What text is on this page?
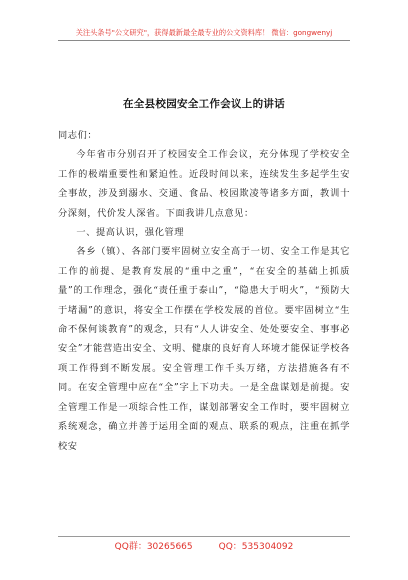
关注头条号"公文研究"，获得最新最全最专业的公文资料库！ 微信：gongwenyj
在全县校园安全工作会议上的讲话

同志们：

今年省市分别召开了校园安全工作会议，充分体现了学校安全工作的极端重要性和紧迫性。近段时间以来，连续发生多起学生安全事故，涉及到溺水、交通、食品、校园欺凌等诸多方面，教训十分深刻，代价发人深省。下面我讲几点意见：

一、提高认识，强化管理

各乡（镇）、各部门要牢固树立安全高于一切、安全工作是其它工作的前提、是教育发展的“重中之重”，“在安全的基础上抓质量”的工作理念，强化“责任重于泰山”，“隐患大于明火”，“预防大于堵漏”的意识，将安全工作摆在学校发展的首位。要牢固树立“生命不保何谈教育”的观念，只有“人人讲安全、处处要安全、事事必安全”才能营造出安全、文明、健康的良好育人环境才能保证学校各项工作得到不断发展。安全管理工作千头万绪，方法措施各有不同。在安全管理中应在“全”字上下功夫。一是全盘谋划是前提。安全管理工作是一项综合性工作，谋划部署安全工作时，要牢固树立系统观念，确立并善于运用全面的观点、联系的观点，注重在抓学校安

QQ群：30265665	QQ：535304092
